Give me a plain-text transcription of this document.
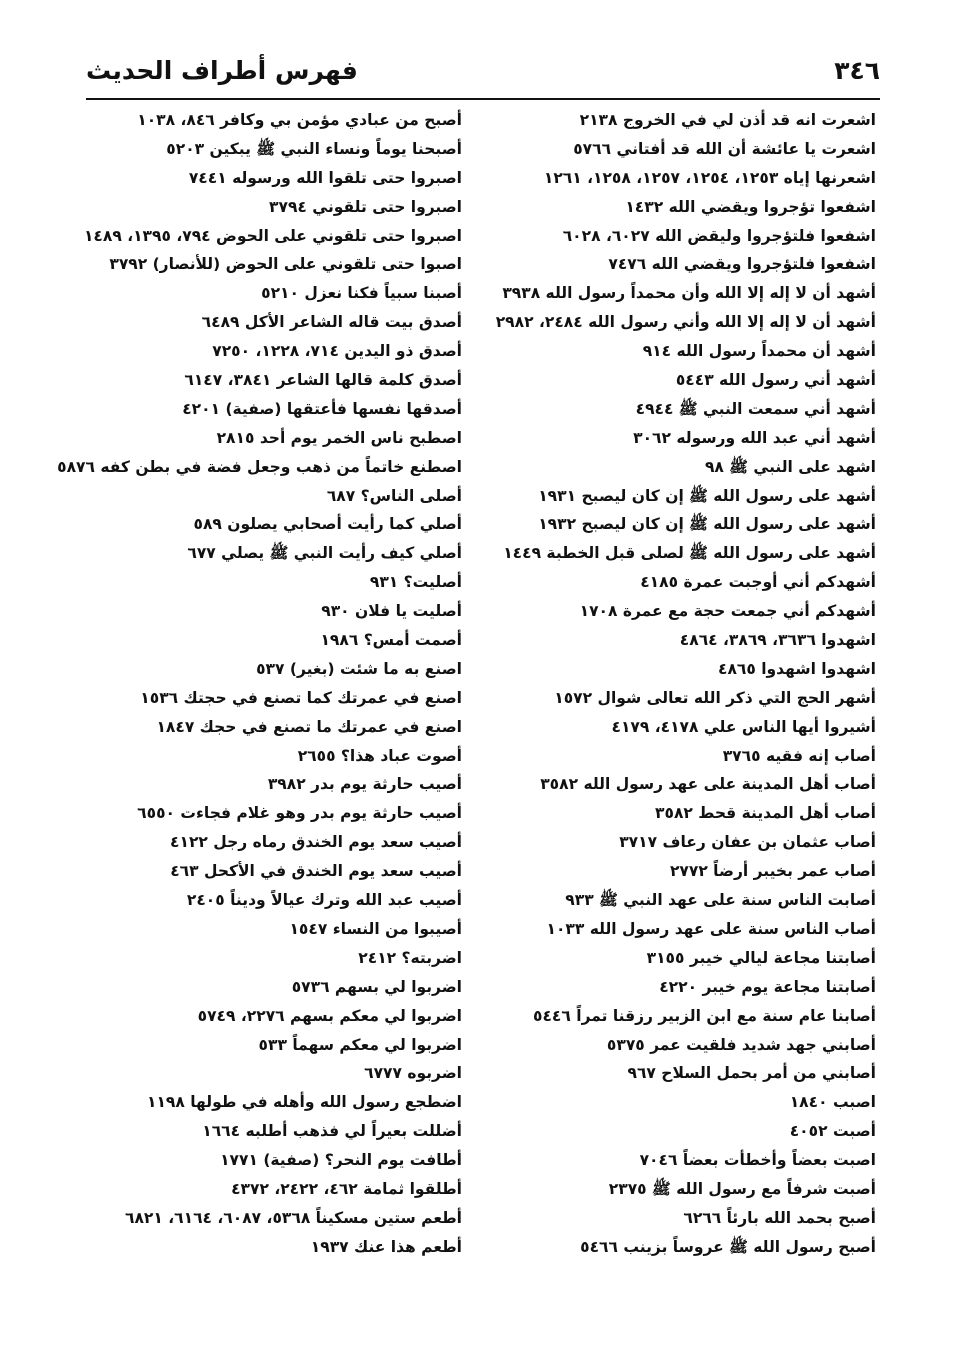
٣٤٦
فهرس أطراف الحديث
اشعرت انه قد أذن لي في الخروج ٢١٣٨
اشعرت يا عائشة أن الله قد أفتاني ٥٧٦٦
اشعرنها إياه ١٢٥٣، ١٢٥٤، ١٢٥٧، ١٢٥٨، ١٢٦١
اشفعوا تؤجروا ويقضي الله ١٤٣٢
اشفعوا فلتؤجروا وليقض الله ٦٠٢٧، ٦٠٢٨
اشفعوا فلتؤجروا ويقضي الله ٧٤٧٦
أشهد أن لا إله إلا الله وأن محمداً رسول الله ٣٩٣٨
أشهد أن لا إله إلا الله وأني رسول الله ٢٤٨٤، ٢٩٨٢
أشهد أن محمداً رسول الله ٩١٤
أشهد أني رسول الله ٥٤٤٣
أشهد أني سمعت النبي ﷺ ٤٩٤٤
أشهد أني عبد الله ورسوله ٣٠٦٢
اشهد على النبي ﷺ ٩٨
أشهد على رسول الله ﷺ إن كان ليصبح ١٩٣١
أشهد على رسول الله ﷺ إن كان ليصبح ١٩٣٢
أشهد على رسول الله ﷺ لصلى قبل الخطبة ١٤٤٩
أشهدكم أني أوجبت عمرة ٤١٨٥
أشهدكم أني جمعت حجة مع عمرة ١٧٠٨
اشهدوا ٣٦٣٦، ٣٨٦٩، ٤٨٦٤
اشهدوا اشهدوا ٤٨٦٥
أشهر الحج التي ذكر الله تعالى شوال ١٥٧٢
أشيروا أيها الناس علي ٤١٧٨، ٤١٧٩
أصاب إنه فقيه ٣٧٦٥
أصاب أهل المدينة على عهد رسول الله ٣٥٨٢
أصاب أهل المدينة قحط ٣٥٨٢
أصاب عثمان بن عفان رعاف ٣٧١٧
أصاب عمر بخيبر أرضاً ٢٧٧٢
أصابت الناس سنة على عهد النبي ﷺ ٩٣٣
أصاب الناس سنة على عهد رسول الله ١٠٣٣
أصابتنا مجاعة ليالي خيبر ٣١٥٥
أصابتنا مجاعة يوم خيبر ٤٢٢٠
أصابنا عام سنة مع ابن الزبير رزقنا تمراً ٥٤٤٦
أصابني جهد شديد فلقيت عمر ٥٣٧٥
أصابني من أمر بحمل السلاح ٩٦٧
اصبب ١٨٤٠
أصبت ٤٠٥٢
اصبت بعضاً وأخطأت بعضاً ٧٠٤٦
أصبت شرفاً مع رسول الله ﷺ ٢٣٧٥
أصبح بحمد الله بارئاً ٦٢٦٦
أصبح رسول الله ﷺ عروساً بزينب ٥٤٦٦
أصبح من عبادي مؤمن بي وكافر ٨٤٦، ١٠٣٨
أصبحنا يوماً ونساء النبي ﷺ يبكين ٥٢٠٣
اصبروا حتى تلقوا الله ورسوله ٧٤٤١
اصبروا حتى تلقوني ٣٧٩٤
اصبروا حتى تلقوني على الحوض ٧٩٤، ١٣٩٥، ١٤٨٩
اصبوا حتى تلقوني على الحوض (للأنصار) ٣٧٩٢
أصبنا سبياً فكنا نعزل ٥٢١٠
أصدق بيت قاله الشاعر الأكل ٦٤٨٩
أصدق ذو اليدين ٧١٤، ١٢٢٨، ٧٢٥٠
أصدق كلمة قالها الشاعر ٣٨٤١، ٦١٤٧
أصدقها نفسها فأعتقها (صفية) ٤٢٠١
اصطبح ناس الخمر يوم أحد ٢٨١٥
اصطنع خاتماً من ذهب وجعل فضة في بطن كفه ٥٨٧٦
أصلى الناس؟ ٦٨٧
أصلي كما رأيت أصحابي يصلون ٥٨٩
أصلي كيف رأيت النبي ﷺ يصلي ٦٧٧
أصليت؟ ٩٣١
أصليت يا فلان ٩٣٠
أصمت أمس؟ ١٩٨٦
اصنع به ما شئت (بغير) ٥٣٧
اصنع في عمرتك كما تصنع في حجتك ١٥٣٦
اصنع في عمرتك ما تصنع في حجك ١٨٤٧
أصوت عباد هذا؟ ٢٦٥٥
أصيب حارثة يوم بدر ٣٩٨٢
أصيب حارثة يوم بدر وهو غلام فجاءت ٦٥٥٠
أصيب سعد يوم الخندق رماه رجل ٤١٢٢
أصيب سعد يوم الخندق في الأكحل ٤٦٣
أصيب عبد الله وترك عيالاً وديناً ٢٤٠٥
أصيبوا من النساء ١٥٤٧
اضربته؟ ٢٤١٢
اضربوا لي بسهم ٥٧٣٦
اضربوا لي معكم بسهم ٢٢٧٦، ٥٧٤٩
اضربوا لي معكم سهماً ٥٣٣
اضربوه ٦٧٧٧
اضطجع رسول الله وأهله في طولها ١١٩٨
أضللت بعيراً لي فذهب أطلبه ١٦٦٤
أطافت يوم النحر؟ (صفية) ١٧٧١
أطلقوا ثمامة ٤٦٢، ٢٤٢٢، ٤٣٧٢
أطعم ستين مسكيناً ٥٣٦٨، ٦٠٨٧، ٦١٦٤، ٦٨٢١
أطعم هذا عنك ١٩٣٧
